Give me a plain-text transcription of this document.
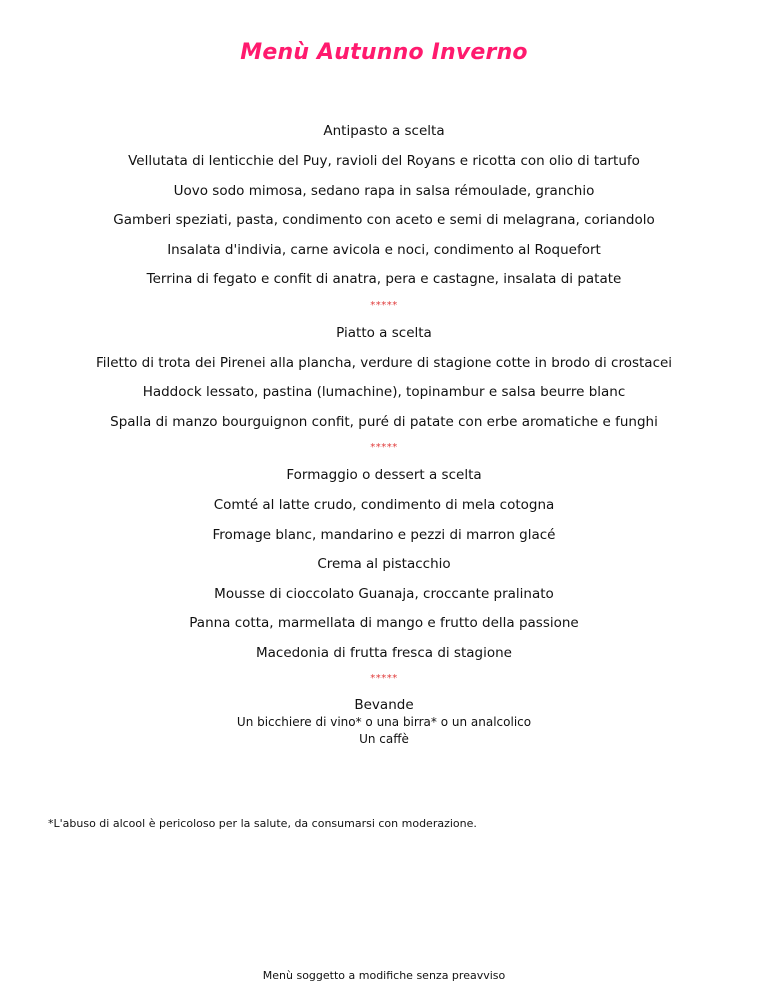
Menù Autunno Inverno
Antipasto a scelta
Vellutata di lenticchie del Puy, ravioli del Royans e ricotta con olio di tartufo
Uovo sodo mimosa, sedano rapa in salsa rémoulade, granchio
Gamberi speziati, pasta, condimento con aceto e semi di melagrana, coriandolo
Insalata d'indivia, carne avicola e noci, condimento al Roquefort
Terrina di fegato e confit di anatra, pera e castagne, insalata di patate
*****
Piatto a scelta
Filetto di trota dei Pirenei alla plancha, verdure di stagione cotte in brodo di crostacei
Haddock lessato, pastina (lumachine), topinambur e salsa beurre blanc
Spalla di manzo bourguignon confit, puré di patate con erbe aromatiche e funghi
*****
Formaggio o dessert a scelta
Comté al latte crudo, condimento di mela cotogna
Fromage blanc, mandarino e pezzi di marron glacé
Crema al pistacchio
Mousse di cioccolato Guanaja, croccante pralinato
Panna cotta, marmellata di mango e frutto della passione
Macedonia di frutta fresca di stagione
*****
Bevande
Un bicchiere di vino* o una birra* o un analcolico
Un caffè
*L'abuso di alcool è pericoloso per la salute, da consumarsi con moderazione.
Menù soggetto a modifiche senza preavviso
